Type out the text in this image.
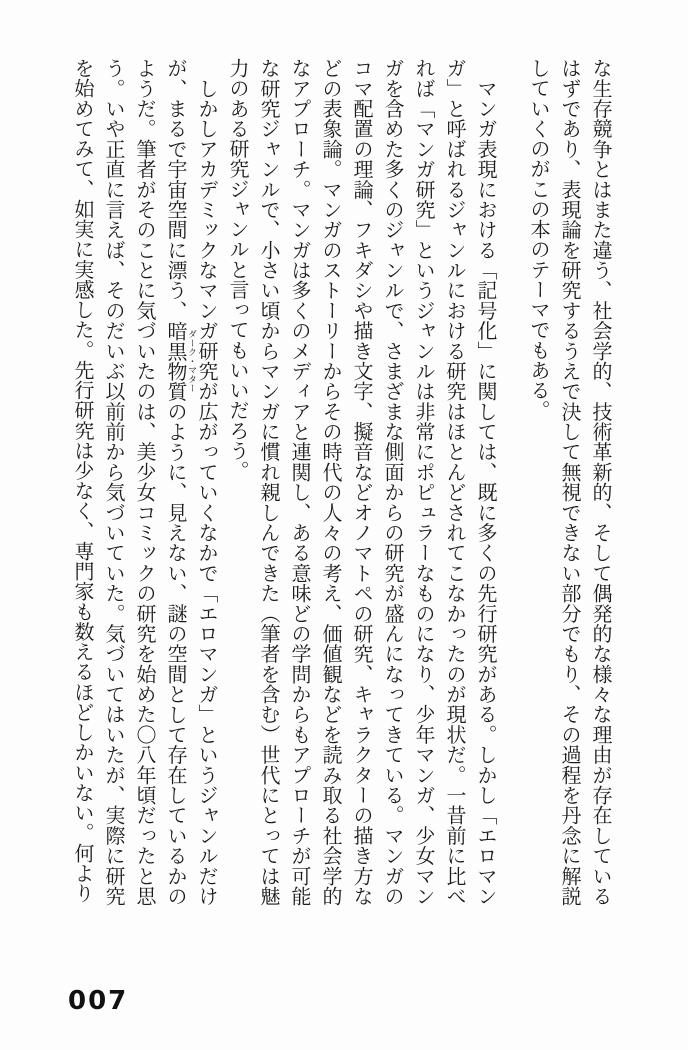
な生存競争とはまた違う、社会学的、技術革新的、そして偶発的な様々な理由が存在しているはずであり、表現論を研究するうえで決して無視できない部分でもり、その過程を丹念に解説していくのがこの本のテーマでもある。

　マンガ表現における「記号化」に関しては、既に多くの先行研究がある。しかし「エロマンガ」と呼ばれるジャンルにおける研究はほとんどされてこなかったのが現状だ。一昔前に比べれば「マンガ研究」というジャンルは非常にポピュラーなものになり、少年マンガ、少女マンガを含めた多くのジャンルで、さまざまな側面からの研究が盛んになってきている。マンガのコマ配置の理論、フキダシや描き文字、擬音などオノマトペの研究、キャラクターの描き方などの表象論。マンガのストーリーからその時代の人々の考え、価値観などを読み取る社会学的なアプローチ。マンガは多くのメディアと連関し、ある意味どの学問からもアプローチが可能な研究ジャンルで、小さい頃からマンガに慣れ親しんできた（筆者を含む）世代にとっては魅力のある研究ジャンルと言ってもいいだろう。

　しかしアカデミックなマンガ研究が広がっていくなかで「エロマンガ」というジャンルだけが、まるで宇宙空間に漂う、暗黒物質ダーク・マターのように、見えない、謎の空間として存在しているかのようだ。筆者がそのことに気づいたのは、美少女コミックの研究を始めた〇八年頃だったと思う。いや正直に言えば、そのだいぶ以前前から気づいていた。気づいてはいたが、実際に研究を始めてみて、如実に実感した。先行研究は少なく、専門家も数えるほどしかいない。何より

007
